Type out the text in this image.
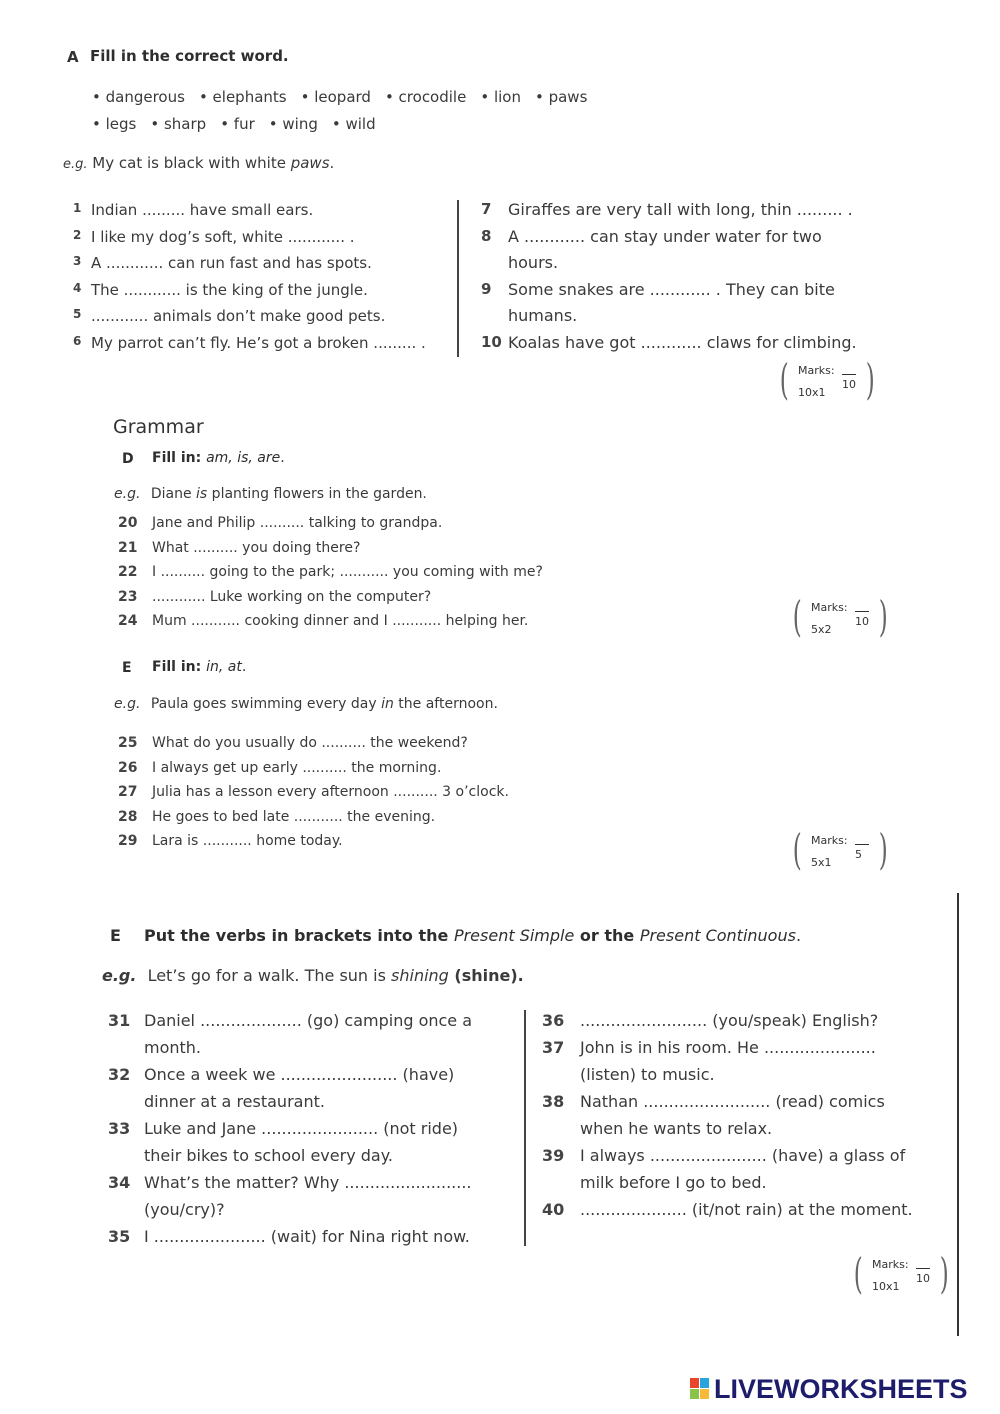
A Fill in the correct word.
• dangerous • elephants • leopard • crocodile • lion • paws
• legs • sharp • fur • wing • wild
e.g. My cat is black with white paws.
1 Indian ......... have small ears.
2 I like my dog’s soft, white ............ .
3 A ............ can run fast and has spots.
4 The ............ is the king of the jungle.
5 ............ animals don’t make good pets.
6 My parrot can’t fly. He’s got a broken ......... .
7 Giraffes are very tall with long, thin ......... .
8 A ............ can stay under water for two
hours.
9 Some snakes are ............ . They can bite
humans.
10 Koalas have got ............ claws for climbing.
( Marks:
10
10x1 )
Grammar
D Fill in: am, is, are.
e.g. Diane is planting flowers in the garden.
20 Jane and Philip .......... talking to grandpa.
21 What .......... you doing there?
22 I .......... going to the park; ........... you coming with me?
23 ............ Luke working on the computer?
24 Mum ........... cooking dinner and I ........... helping her.	( Marks:
10
5x2 )
E Fill in: in, at.
e.g. Paula goes swimming every day in the afternoon.
25 What do you usually do .......... the weekend?
26 I always get up early .......... the morning.
27 Julia has a lesson every afternoon .......... 3 o’clock.
28 He goes to bed late ........... the evening.
29 Lara is ........... home today.	( Marks:
5
5x1 )
E Put the verbs in brackets into the Present Simple or the Present Continuous.
e.g. Let’s go for a walk. The sun is shining (shine).
31 Daniel .................... (go) camping once a
month.
32 Once a week we ....................... (have)
dinner at a restaurant.
33 Luke and Jane ....................... (not ride)
their bikes to school every day.
34 What’s the matter? Why .........................
(you/cry)?
35 I ...................... (wait) for Nina right now.
36 ......................... (you/speak) English?
37 John is in his room. He ......................
(listen) to music.
38 Nathan ......................... (read) comics
when he wants to relax.
39 I always ....................... (have) a glass of
milk before I go to bed.
40 ..................... (it/not rain) at the moment.
( Marks:
10
10x1 )
LIVEWORKSHEETS
